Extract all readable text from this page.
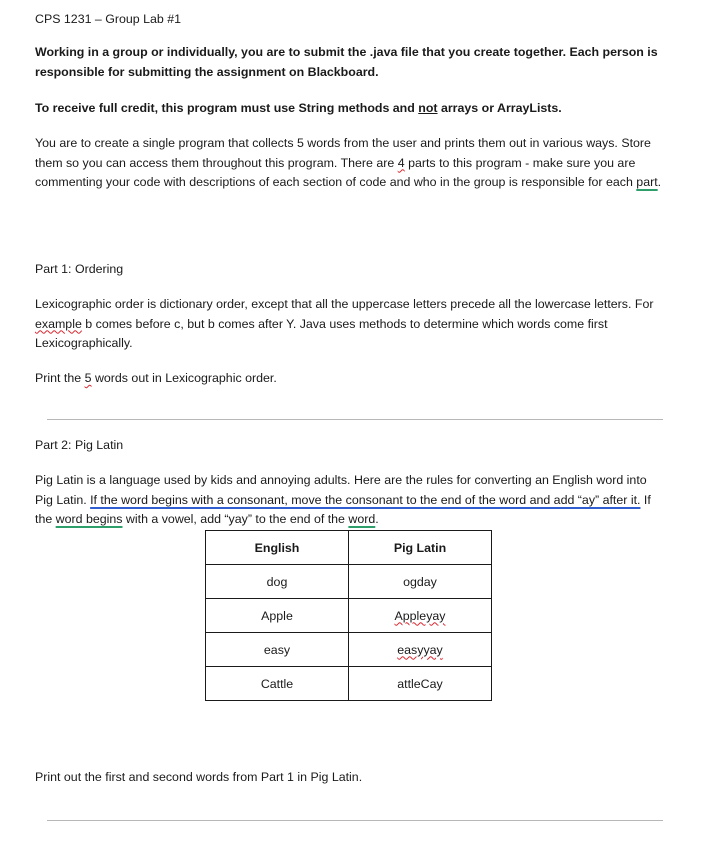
CPS 1231 – Group Lab #1

Working in a group or individually, you are to submit the .java file that you create together. Each person is responsible for submitting the assignment on Blackboard.

To receive full credit, this program must use String methods and not arrays or ArrayLists.

You are to create a single program that collects 5 words from the user and prints them out in various ways. Store them so you can access them throughout this program. There are 4 parts to this program - make sure you are commenting your code with descriptions of each section of code and who in the group is responsible for each part.

Part 1: Ordering

Lexicographic order is dictionary order, except that all the uppercase letters precede all the lowercase letters. For example b comes before c, but b comes after Y. Java uses methods to determine which words come first Lexicographically.

Print the 5 words out in Lexicographic order.

Part 2: Pig Latin

Pig Latin is a language used by kids and annoying adults. Here are the rules for converting an English word into Pig Latin. If the word begins with a consonant, move the consonant to the end of the word and add “ay” after it. If the word begins with a vowel, add “yay” to the end of the word.

English	Pig Latin
dog	ogday
Apple	Appleyay
easy	easyyay
Cattle	attleCay
Print out the first and second words from Part 1 in Pig Latin.
